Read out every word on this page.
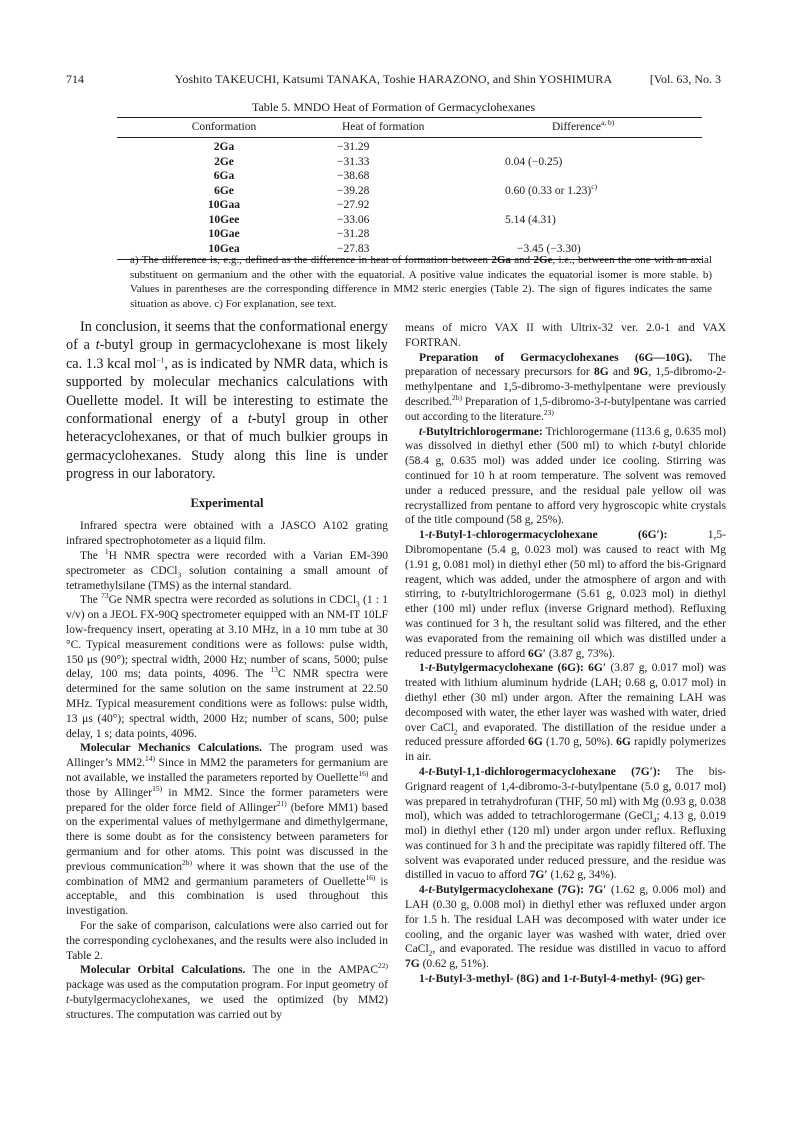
714	Yoshito TAKEUCHI, Katsumi TANAKA, Toshie HARAZONO, and Shin YOSHIMURA	[Vol. 63, No. 3
Table 5. MNDO Heat of Formation of Germacyclohexanes
Conformation	Heat of formation	Difference$^{a, b)}$
2Ga	−31.29
2Ge	−31.33	0.04 (−0.25)
6Ga	−38.68
6Ge	−39.28	0.60 (0.33 or 1.23)$^{c)}$
10Gaa	−27.92
10Gee	−33.06	5.14 (4.31)
10Gae	−31.28
10Gea	−27.83	−3.45 (−3.30)
a) The difference is, e.g., defined as the difference in heat of formation between 2Ga and 2Ge, i.e., between the one with an axial substituent on germanium and the other with the equatorial. A positive value indicates the equatorial isomer is more stable. b) Values in parentheses are the corresponding difference in MM2 steric energies (Table 2). The sign of figures indicates the same situation as above. c) For explanation, see text.

In conclusion, it seems that the conformational energy of a t-butyl group in germacyclohexane is most likely ca. 1.3 kcal mol$^{-1}$, as is indicated by NMR data, which is supported by molecular mechanics calculations with Ouellette model. It will be interesting to estimate the conformational energy of a t-butyl group in other heteracyclohexanes, or that of much bulkier groups in germacyclohexanes. Study along this line is under progress in our laboratory.

Experimental

Infrared spectra were obtained with a JASCO A102 grating infrared spectrophotometer as a liquid film.

The $^1$H NMR spectra were recorded with a Varian EM-390 spectrometer as CDCl$_3$ solution containing a small amount of tetramethylsilane (TMS) as the internal standard.

The $^{73}$Ge NMR spectra were recorded as solutions in CDCl$_3$ (1 : 1 v/v) on a JEOL FX-90Q spectrometer equipped with an NM-IT 10LF low-frequency insert, operating at 3.10 MHz, in a 10 mm tube at 30 °C. Typical measurement conditions were as follows: pulse width, 150 μs (90°); spectral width, 2000 Hz; number of scans, 5000; pulse delay, 100 ms; data points, 4096. The $^{13}$C NMR spectra were determined for the same solution on the same instrument at 22.50 MHz. Typical measurement conditions were as follows: pulse width, 13 μs (40°); spectral width, 2000 Hz; number of scans, 500; pulse delay, 1 s; data points, 4096.

Molecular Mechanics Calculations. The program used was Allinger’s MM2.$^{14)}$ Since in MM2 the parameters for germanium are not available, we installed the parameters reported by Ouellette$^{16)}$ and those by Allinger$^{15)}$ in MM2. Since the former parameters were prepared for the older force field of Allinger$^{21)}$ (before MM1) based on the experimental values of methylgermane and dimethylgermane, there is some doubt as for the consistency between parameters for germanium and for other atoms. This point was discussed in the previous communication$^{2b)}$ where it was shown that the use of the combination of MM2 and germanium parameters of Ouellette$^{16)}$ is acceptable, and this combination is used throughout this investigation.

For the sake of comparison, calculations were also carried out for the corresponding cyclohexanes, and the results were also included in Table 2.

Molecular Orbital Calculations. The one in the AMPAC$^{22)}$ package was used as the computation program. For input geometry of t-butylgermacyclohexanes, we used the optimized (by MM2) structures. The computation was carried out by

means of micro VAX II with Ultrix-32 ver. 2.0-1 and VAX FORTRAN.

Preparation of Germacyclohexanes (6G—10G). The preparation of necessary precursors for 8G and 9G, 1,5-dibromo-2-methylpentane and 1,5-dibromo-3-methylpentane were previously described.$^{2b)}$ Preparation of 1,5-dibromo-3-t-butylpentane was carried out according to the literature.$^{23)}$

t-Butyltrichlorogermane: Trichlorogermane (113.6 g, 0.635 mol) was dissolved in diethyl ether (500 ml) to which t-butyl chloride (58.4 g, 0.635 mol) was added under ice cooling. Stirring was continued for 10 h at room temperature. The solvent was removed under a reduced pressure, and the residual pale yellow oil was recrystallized from pentane to afford very hygroscopic white crystals of the title compound (58 g, 25%).

1-t-Butyl-1-chlorogermacyclohexane (6G′): 1,5-Dibromopentane (5.4 g, 0.023 mol) was caused to react with Mg (1.91 g, 0.081 mol) in diethyl ether (50 ml) to afford the bis-Grignard reagent, which was added, under the atmosphere of argon and with stirring, to t-butyltrichlorogermane (5.61 g, 0.023 mol) in diethyl ether (100 ml) under reflux (inverse Grignard method). Refluxing was continued for 3 h, the resultant solid was filtered, and the ether was evaporated from the remaining oil which was distilled under a reduced pressure to afford 6G′ (3.87 g, 73%).

1-t-Butylgermacyclohexane (6G): 6G′ (3.87 g, 0.017 mol) was treated with lithium aluminum hydride (LAH; 0.68 g, 0.017 mol) in diethyl ether (30 ml) under argon. After the remaining LAH was decomposed with water, the ether layer was washed with water, dried over CaCl$_2$ and evaporated. The distillation of the residue under a reduced pressure afforded 6G (1.70 g, 50%). 6G rapidly polymerizes in air.

4-t-Butyl-1,1-dichlorogermacyclohexane (7G′): The bis-Grignard reagent of 1,4-dibromo-3-t-butylpentane (5.0 g, 0.017 mol) was prepared in tetrahydrofuran (THF, 50 ml) with Mg (0.93 g, 0.038 mol), which was added to tetrachlorogermane (GeCl$_4$; 4.13 g, 0.019 mol) in diethyl ether (120 ml) under argon under reflux. Refluxing was continued for 3 h and the precipitate was rapidly filtered off. The solvent was evaporated under reduced pressure, and the residue was distilled in vacuo to afford 7G′ (1.62 g, 34%).

4-t-Butylgermacyclohexane (7G): 7G′ (1.62 g, 0.006 mol) and LAH (0.30 g, 0.008 mol) in diethyl ether was refluxed under argon for 1.5 h. The residual LAH was decomposed with water under ice cooling, and the organic layer was washed with water, dried over CaCl$_2$, and evaporated. The residue was distilled in vacuo to afford 7G (0.62 g, 51%).

1-t-Butyl-3-methyl- (8G) and 1-t-Butyl-4-methyl- (9G) ger-
